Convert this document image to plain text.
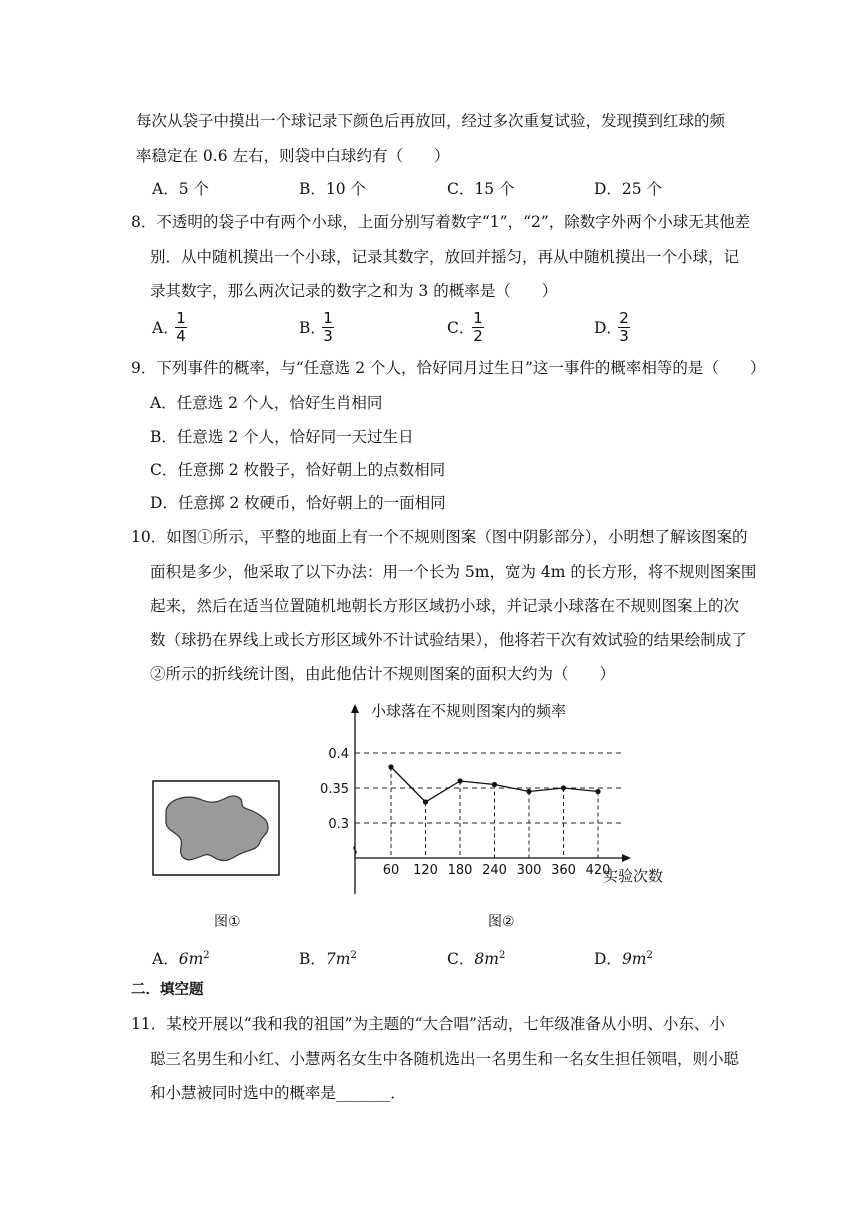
每次从袋子中摸出一个球记录下颜色后再放回，经过多次重复试验，发现摸到红球的频
率稳定在 0.6 左右，则袋中白球约有（　　）
A．5 个	B．10 个	C．15 个	D．25 个
8．不透明的袋子中有两个小球，上面分别写着数字“1”，“2”，除数字外两个小球无其他差
别．从中随机摸出一个小球，记录其数字，放回并摇匀，再从中随机摸出一个小球，记
录其数字，那么两次记录的数字之和为 3 的概率是（　　）
A．
1
4	B．
1
3	C．
1
2	D．
2
3
9．下列事件的概率，与“任意选 2 个人，恰好同月过生日”这一事件的概率相等的是（　　）
A．任意选 2 个人，恰好生肖相同
B．任意选 2 个人，恰好同一天过生日
C．任意掷 2 枚骰子，恰好朝上的点数相同
D．任意掷 2 枚硬币，恰好朝上的一面相同
10．如图①所示，平整的地面上有一个不规则图案（图中阴影部分），小明想了解该图案的
面积是多少，他采取了以下办法：用一个长为 5m，宽为 4m 的长方形，将不规则图案围
起来，然后在适当位置随机地朝长方形区域扔小球，并记录小球落在不规则图案上的次
数（球扔在界线上或长方形区域外不计试验结果），他将若干次有效试验的结果绘制成了
②所示的折线统计图，由此他估计不规则图案的面积大约为（　　）
图①
小球落在不规则图案内的频率
0.3
0.35
0.4
60 120 180 240 300 360 420
实验次数
图②
A．$6m^2$	B．$7m^2$	C．$8m^2$	D．$9m^2$
二．填空题
11．某校开展以“我和我的祖国”为主题的“大合唱”活动，七年级准备从小明、小东、小
聪三名男生和小红、小慧两名女生中各随机选出一名男生和一名女生担任领唱，则小聪
和小慧被同时选中的概率是_______．
